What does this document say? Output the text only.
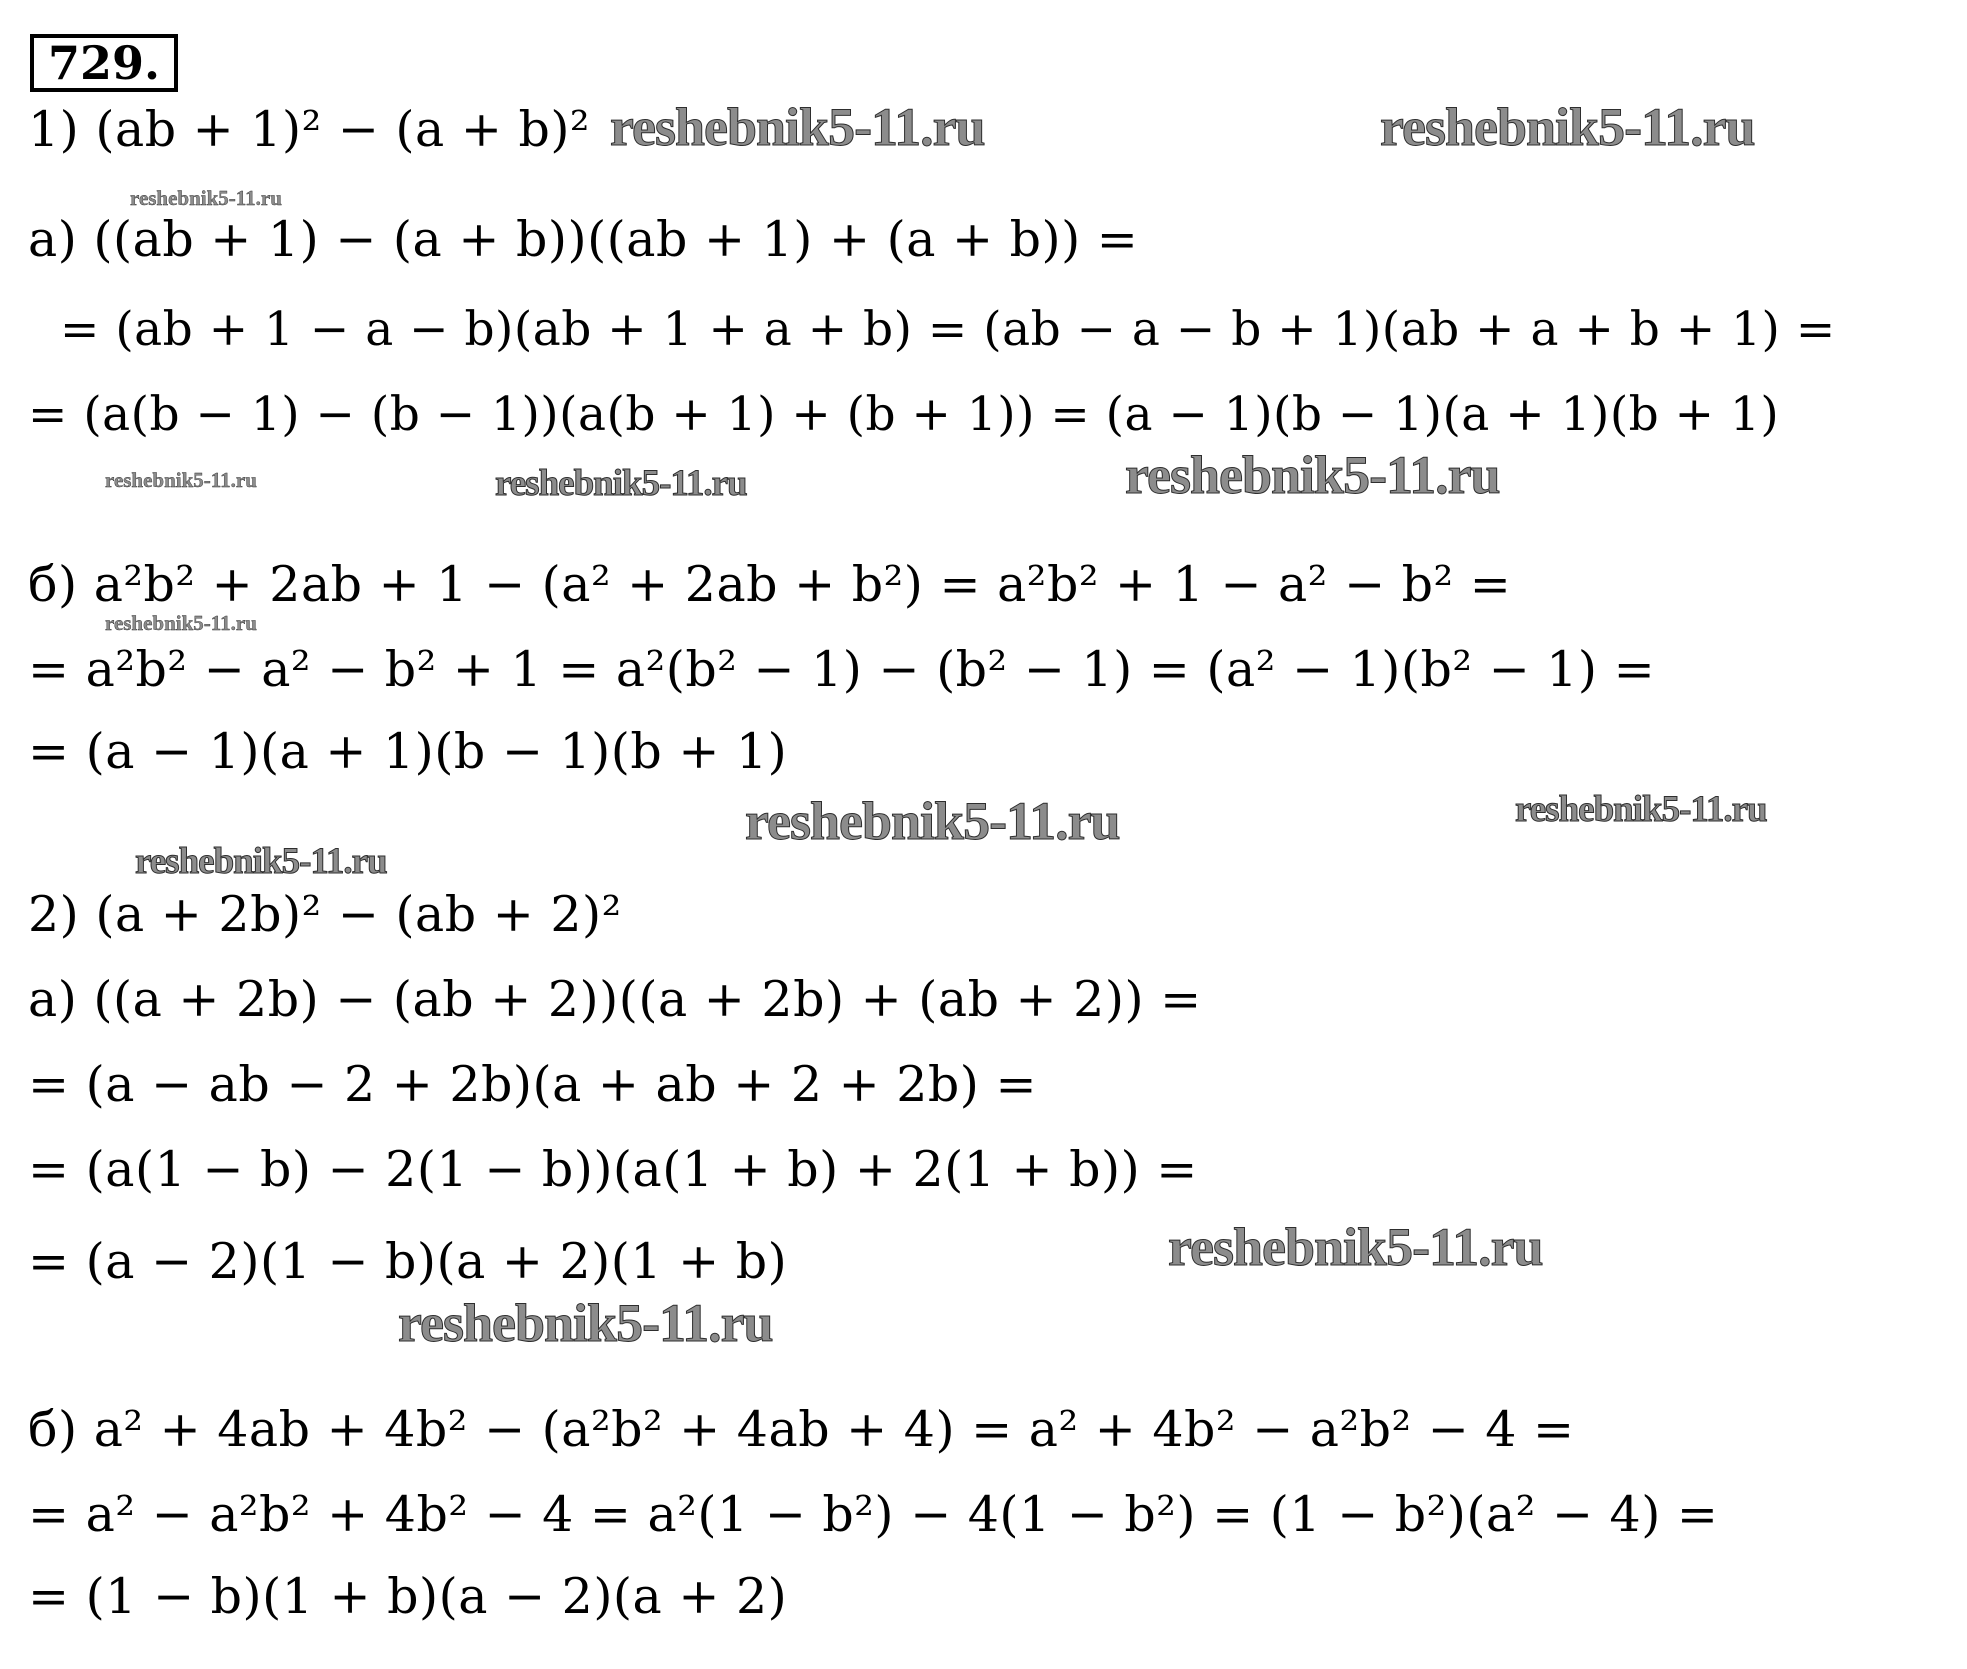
729.
1) (ab + 1)² − (a + b)²
а) ((ab + 1) − (a + b))((ab + 1) + (a + b)) =
= (ab + 1 − a − b)(ab + 1 + a + b) = (ab − a − b + 1)(ab + a + b + 1) =
= (a(b − 1) − (b − 1))(a(b + 1) + (b + 1)) = (a − 1)(b − 1)(a + 1)(b + 1)
б) a²b² + 2ab + 1 − (a² + 2ab + b²) = a²b² + 1 − a² − b² =
= a²b² − a² − b² + 1 = a²(b² − 1) − (b² − 1) = (a² − 1)(b² − 1) =
= (a − 1)(a + 1)(b − 1)(b + 1)
2) (a + 2b)² − (ab + 2)²
а) ((a + 2b) − (ab + 2))((a + 2b) + (ab + 2)) =
= (a − ab − 2 + 2b)(a + ab + 2 + 2b) =
= (a(1 − b) − 2(1 − b))(a(1 + b) + 2(1 + b)) =
= (a − 2)(1 − b)(a + 2)(1 + b)
б) a² + 4ab + 4b² − (a²b² + 4ab + 4) = a² + 4b² − a²b² − 4 =
= a² − a²b² + 4b² − 4 = a²(1 − b²) − 4(1 − b²) = (1 − b²)(a² − 4) =
= (1 − b)(1 + b)(a − 2)(a + 2)
reshebnik5-11.ru	reshebnik5-11.ru
reshebnik5-11.ru
reshebnik5-11.ru	reshebnik5-11.ru	reshebnik5-11.ru
reshebnik5-11.ru
reshebnik5-11.ru	reshebnik5-11.ru
reshebnik5-11.ru
reshebnik5-11.ru
reshebnik5-11.ru
